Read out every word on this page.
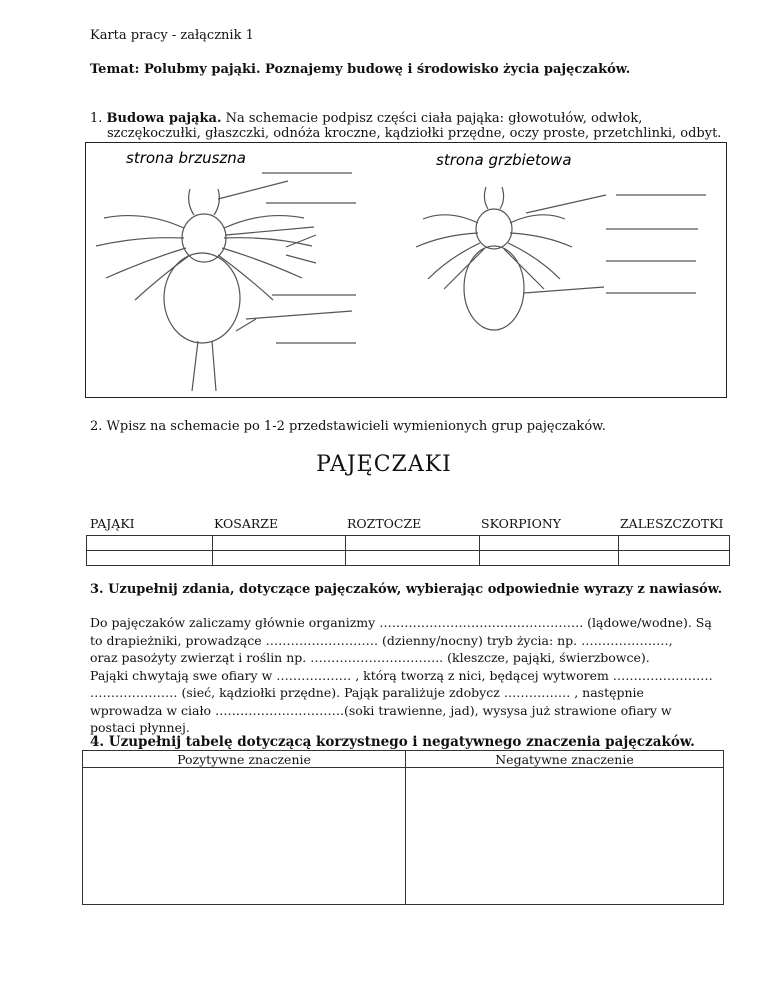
Karta pracy - załącznik 1
Temat: Polubmy pająki. Poznajemy budowę i środowisko życia pajęczaków.
1. Budowa pająka. Na schemacie podpisz części ciała pająka: głowotułów, odwłok,
szczękoczułki, głaszczki, odnóża kroczne, kądziołki przędne, oczy proste, przetchlinki, odbyt.
strona brzuszna	strona grzbietowa
2. Wpisz na schemacie po 1-2 przedstawicieli wymienionych grup pajęczaków.
PAJĘCZAKI
PAJĄKI	KOSARZE	ROZTOCZE	SKORPIONY	ZALESZCZOTKI

3. Uzupełnij zdania, dotyczące pajęczaków, wybierając odpowiednie wyrazy z nawiasów.
Do pajęczaków zaliczamy głównie organizmy …………………………………………. (lądowe/wodne). Są
to drapieżniki, prowadzące ……………………… (dzienny/nocny) tryb życia: np. …………………,
oraz pasożyty zwierząt i roślin np. ………………………….. (kleszcze, pająki, świerzbowce).
Pająki chwytają swe ofiary w ……………… , którą tworzą z nici, będącej wytworem ……………………
………………… (sieć, kądziołki przędne). Pająk paraliżuje zdobycz ……………. , następnie
wprowadza w ciało ………………………….(soki trawienne, jad), wysysa już strawione ofiary w
postaci płynnej.
4. Uzupełnij tabelę dotyczącą korzystnego i negatywnego znaczenia pajęczaków.
Pozytywne znaczenie	Negatywne znaczenie
